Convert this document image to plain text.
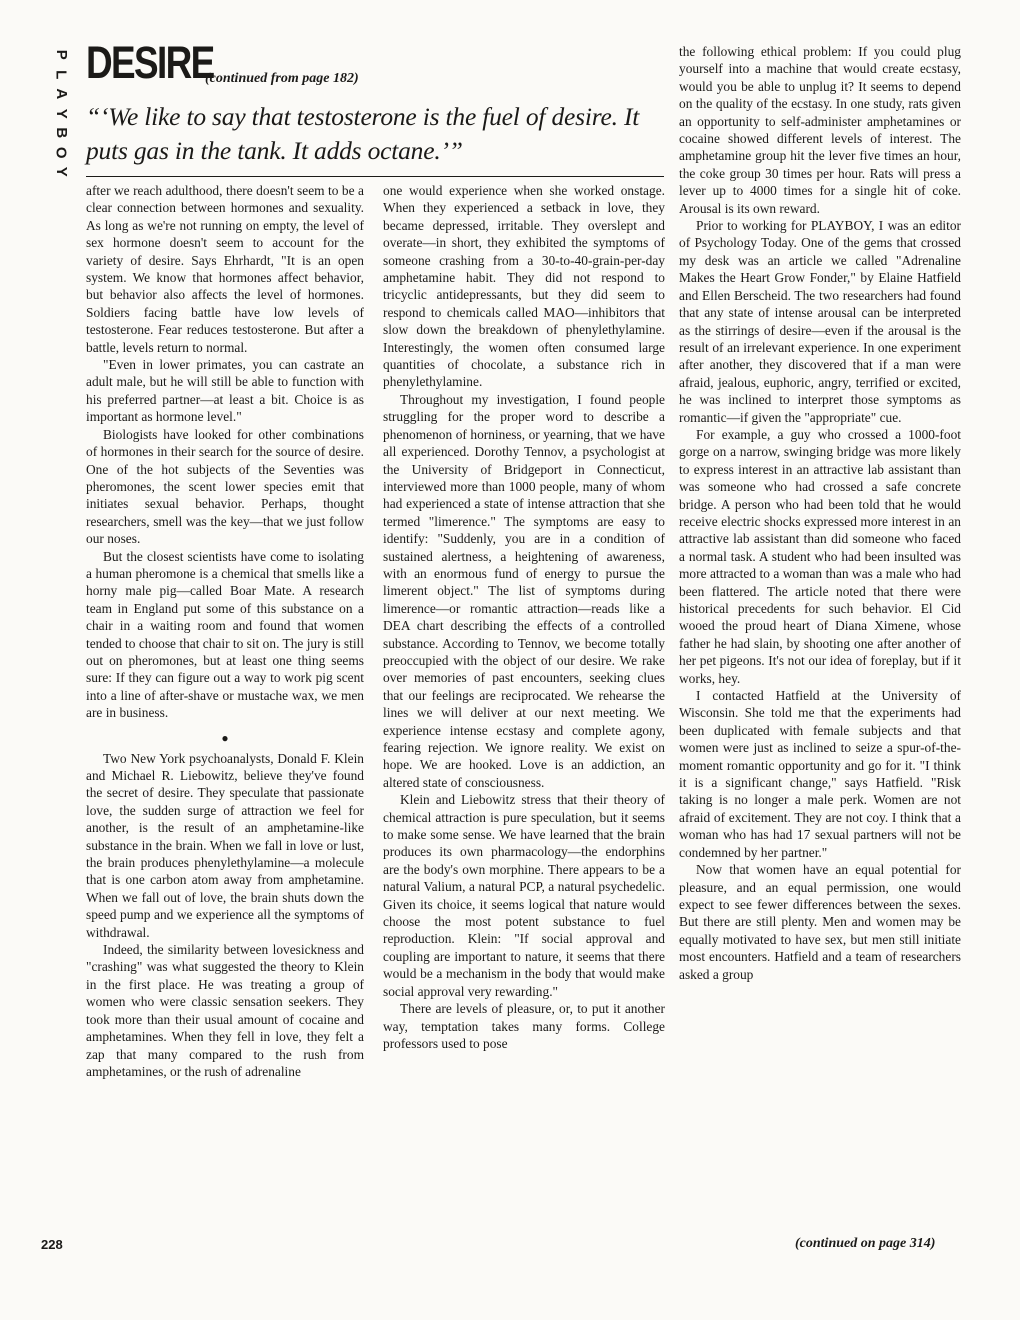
P
L
A
Y
B
O
Y
DESIRE
(continued from page 182)
“‘We like to say that testosterone is the fuel of desire. It puts gas in the tank. It adds octane.’”

after we reach adulthood, there doesn't seem to be a clear connection between hormones and sexuality. As long as we're not running on empty, the level of sex hormone doesn't seem to account for the variety of desire. Says Ehrhardt, "It is an open system. We know that hormones affect behavior, but behavior also affects the level of hormones. Soldiers facing battle have low levels of testosterone. Fear reduces testosterone. But after a battle, levels return to normal.

"Even in lower primates, you can castrate an adult male, but he will still be able to function with his preferred partner—at least a bit. Choice is as important as hormone level."

Biologists have looked for other combinations of hormones in their search for the source of desire. One of the hot subjects of the Seventies was pheromones, the scent lower species emit that initiates sexual behavior. Perhaps, thought researchers, smell was the key—that we just follow our noses.

But the closest scientists have come to isolating a human pheromone is a chemical that smells like a horny male pig—called Boar Mate. A research team in England put some of this substance on a chair in a waiting room and found that women tended to choose that chair to sit on. The jury is still out on pheromones, but at least one thing seems sure: If they can figure out a way to work pig scent into a line of after-shave or mustache wax, we men are in business.

●

Two New York psychoanalysts, Donald F. Klein and Michael R. Liebowitz, believe they've found the secret of desire. They speculate that passionate love, the sudden surge of attraction we feel for another, is the result of an amphetamine-like substance in the brain. When we fall in love or lust, the brain produces phenylethylamine—a molecule that is one carbon atom away from amphetamine. When we fall out of love, the brain shuts down the speed pump and we experience all the symptoms of withdrawal.

Indeed, the similarity between lovesickness and "crashing" was what suggested the theory to Klein in the first place. He was treating a group of women who were classic sensation seekers. They took more than their usual amount of cocaine and amphetamines. When they fell in love, they felt a zap that many compared to the rush from amphetamines, or the rush of adrenaline

one would experience when she worked onstage. When they experienced a setback in love, they became depressed, irritable. They overslept and overate—in short, they exhibited the symptoms of someone crashing from a 30-to-40-grain-per-day amphetamine habit. They did not respond to tricyclic antidepressants, but they did seem to respond to chemicals called MAO—inhibitors that slow down the breakdown of phenylethylamine. Interestingly, the women often consumed large quantities of chocolate, a substance rich in phenylethylamine.

Throughout my investigation, I found people struggling for the proper word to describe a phenomenon of horniness, or yearning, that we have all experienced. Dorothy Tennov, a psychologist at the University of Bridgeport in Connecticut, interviewed more than 1000 people, many of whom had experienced a state of intense attraction that she termed "limerence." The symptoms are easy to identify: "Suddenly, you are in a condition of sustained alertness, a heightening of awareness, with an enormous fund of energy to pursue the limerent object." The list of symptoms during limerence—or romantic attraction—reads like a DEA chart describing the effects of a controlled substance. According to Tennov, we become totally preoccupied with the object of our desire. We rake over memories of past encounters, seeking clues that our feelings are reciprocated. We rehearse the lines we will deliver at our next meeting. We experience intense ecstasy and complete agony, fearing rejection. We ignore reality. We exist on hope. We are hooked. Love is an addiction, an altered state of consciousness.

Klein and Liebowitz stress that their theory of chemical attraction is pure speculation, but it seems to make some sense. We have learned that the brain produces its own pharmacology—the endorphins are the body's own morphine. There appears to be a natural Valium, a natural PCP, a natural psychedelic. Given its choice, it seems logical that nature would choose the most potent substance to fuel reproduction. Klein: "If social approval and coupling are important to nature, it seems that there would be a mechanism in the body that would make social approval very rewarding."

There are levels of pleasure, or, to put it another way, temptation takes many forms. College professors used to pose

the following ethical problem: If you could plug yourself into a machine that would create ecstasy, would you be able to unplug it? It seems to depend on the quality of the ecstasy. In one study, rats given an opportunity to self-administer amphetamines or cocaine showed different levels of interest. The amphetamine group hit the lever five times an hour, the coke group 30 times per hour. Rats will press a lever up to 4000 times for a single hit of coke. Arousal is its own reward.

Prior to working for PLAYBOY, I was an editor of Psychology Today. One of the gems that crossed my desk was an article we called "Adrenaline Makes the Heart Grow Fonder," by Elaine Hatfield and Ellen Berscheid. The two researchers had found that any state of intense arousal can be interpreted as the stirrings of desire—even if the arousal is the result of an irrelevant experience. In one experiment after another, they discovered that if a man were afraid, jealous, euphoric, angry, terrified or excited, he was inclined to interpret those symptoms as romantic—if given the "appropriate" cue.

For example, a guy who crossed a 1000-foot gorge on a narrow, swinging bridge was more likely to express interest in an attractive lab assistant than was someone who had crossed a safe concrete bridge. A person who had been told that he would receive electric shocks expressed more interest in an attractive lab assistant than did someone who faced a normal task. A student who had been insulted was more attracted to a woman than was a male who had been flattered. The article noted that there were historical precedents for such behavior. El Cid wooed the proud heart of Diana Ximene, whose father he had slain, by shooting one after another of her pet pigeons. It's not our idea of foreplay, but if it works, hey.

I contacted Hatfield at the University of Wisconsin. She told me that the experiments had been duplicated with female subjects and that women were just as inclined to seize a spur-of-the-moment romantic opportunity and go for it. "I think it is a significant change," says Hatfield. "Risk taking is no longer a male perk. Women are not afraid of excitement. They are not coy. I think that a woman who has had 17 sexual partners will not be condemned by her partner."

Now that women have an equal potential for pleasure, and an equal permission, one would expect to see fewer differences between the sexes. But there are still plenty. Men and women may be equally motivated to have sex, but men still initiate most encounters. Hatfield and a team of researchers asked a group

228	(continued on page 314)
